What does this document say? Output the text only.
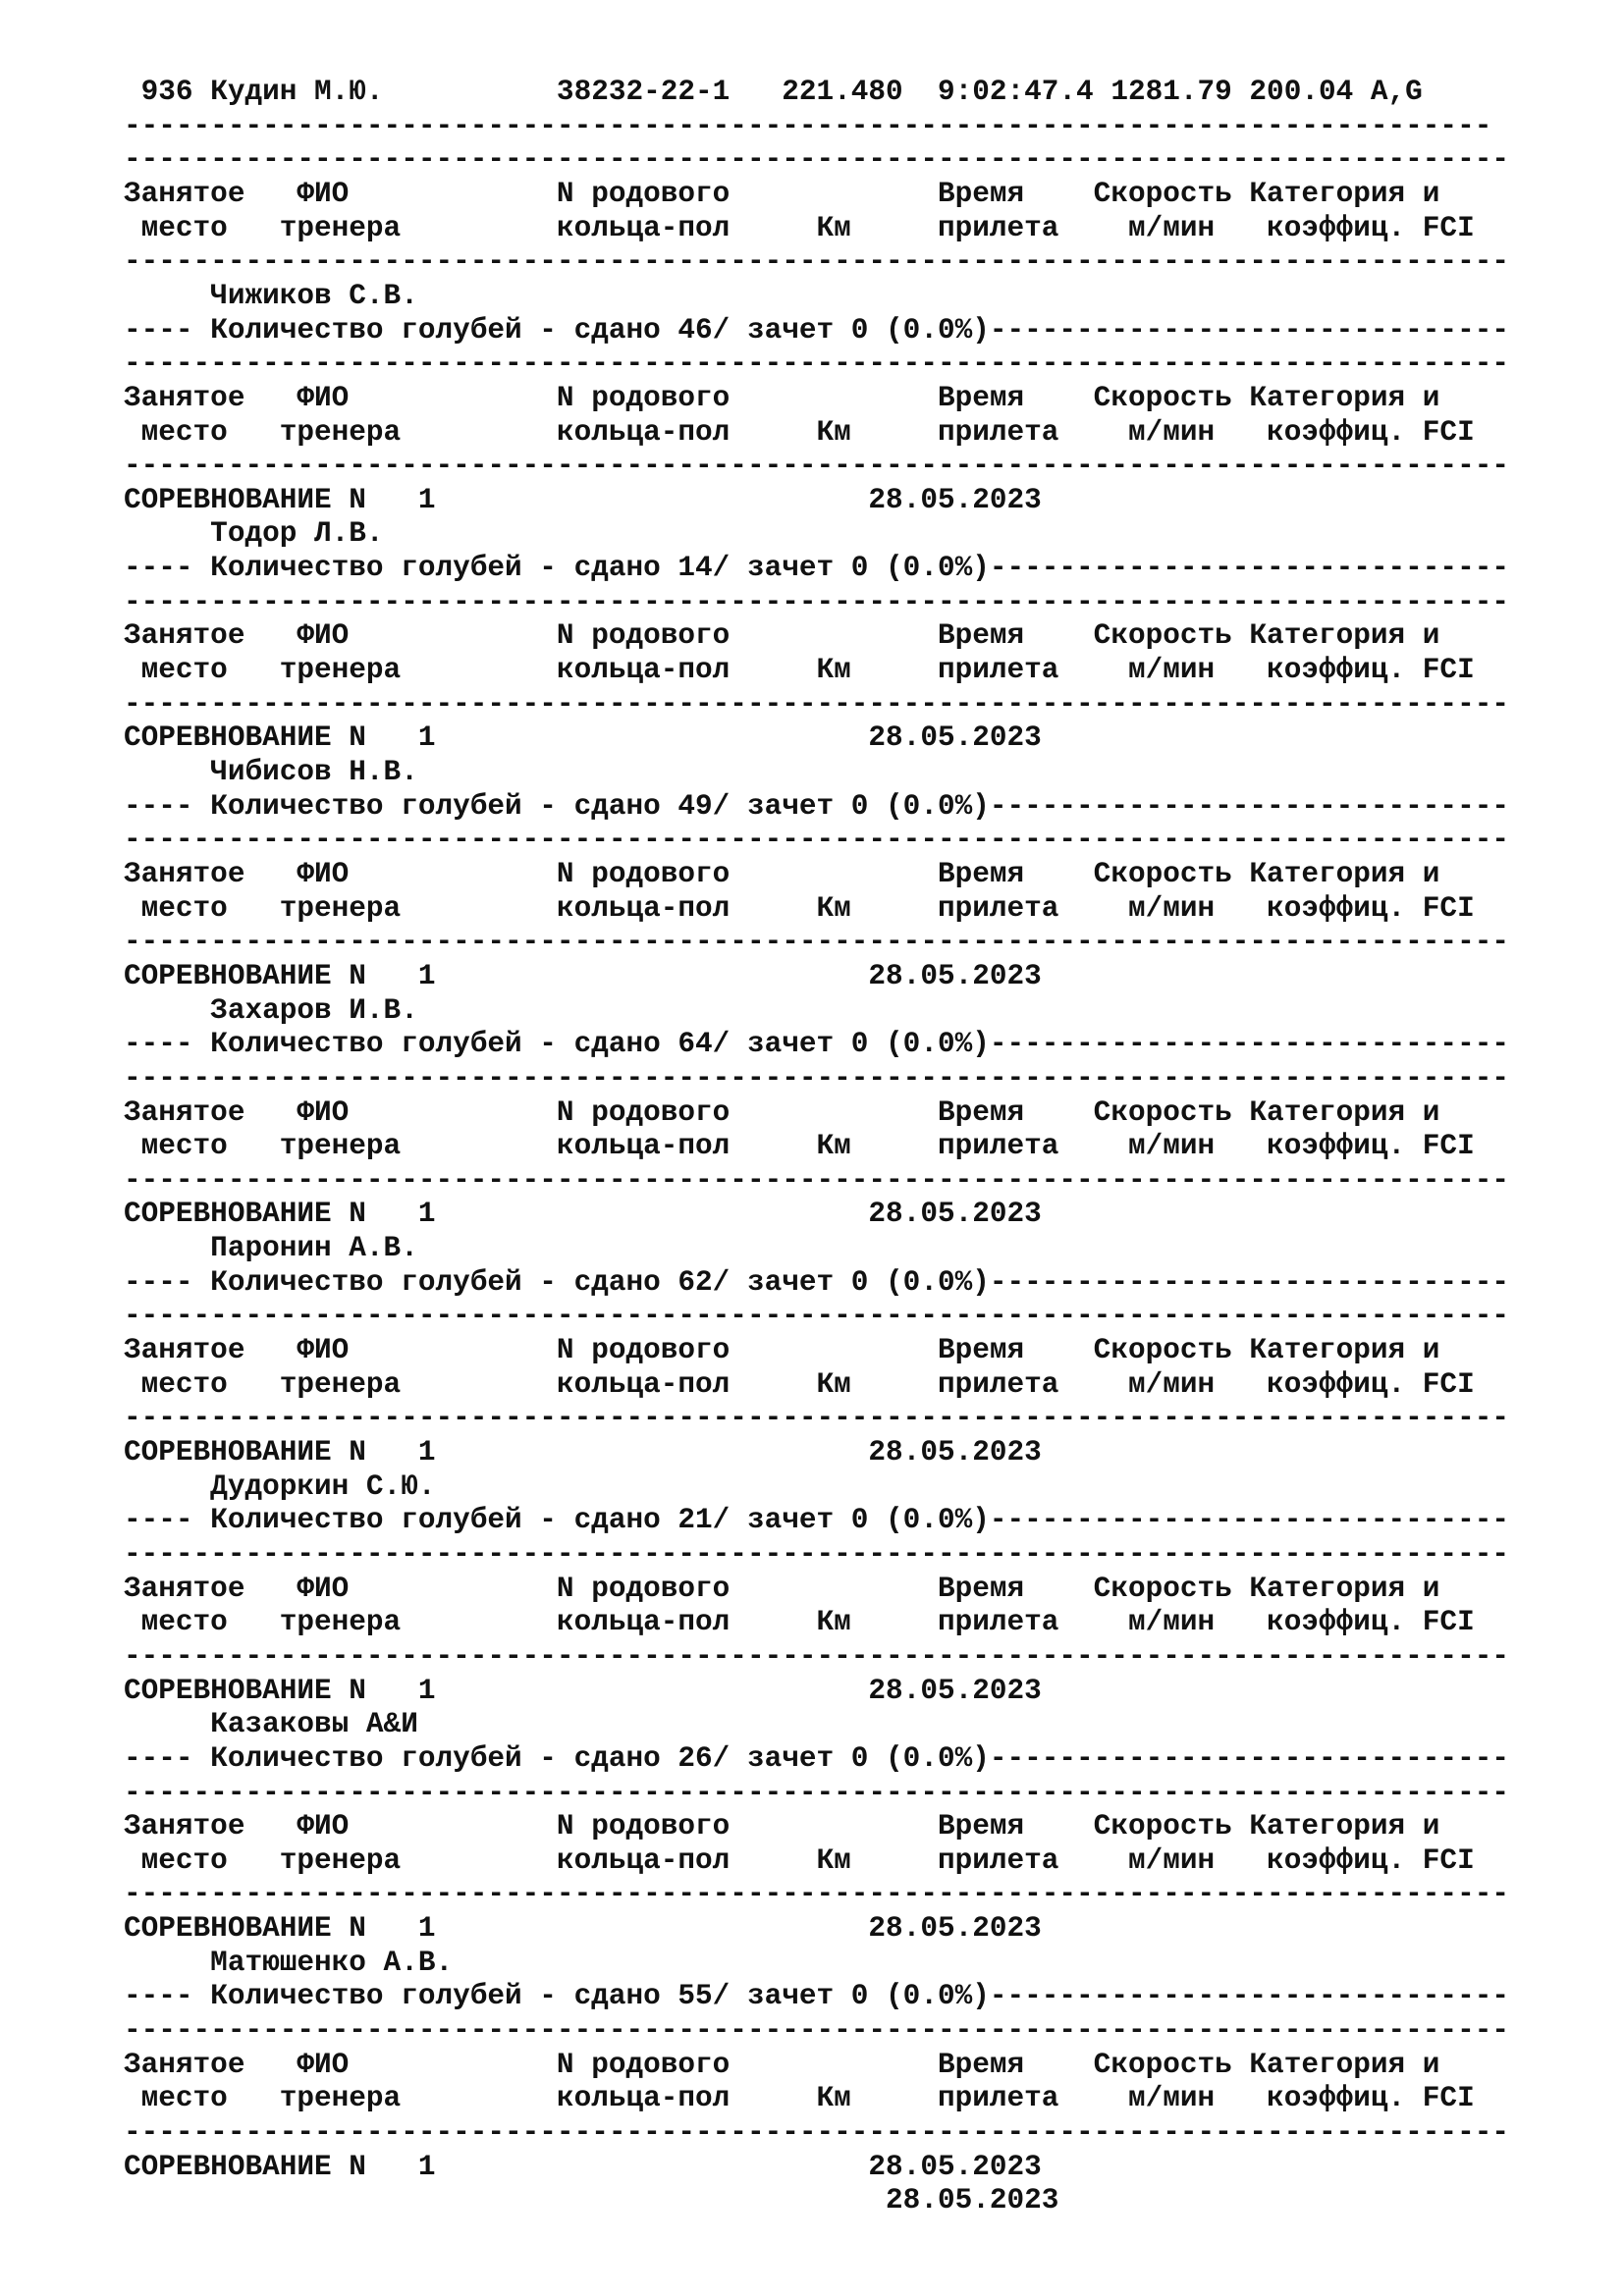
936 Кудин М.Ю.          38232-22-1   221.480  9:02:47.4 1281.79 200.04 A,G
-------------------------------------------------------------------------------
--------------------------------------------------------------------------------
Занятое   ФИО            N родового            Время    Скорость Категория и
место   тренера         кольца-пол     Км     прилета    м/мин   коэффиц. FCI
--------------------------------------------------------------------------------
Чижиков С.В.
---- Количество голубей - сдано 46/ зачет 0 (0.0%)------------------------------
--------------------------------------------------------------------------------
Занятое   ФИО            N родового            Время    Скорость Категория и
место   тренера         кольца-пол     Км     прилета    м/мин   коэффиц. FCI
--------------------------------------------------------------------------------
СОРЕВНОВАНИЕ N   1                         28.05.2023
Тодор Л.В.
---- Количество голубей - сдано 14/ зачет 0 (0.0%)------------------------------
--------------------------------------------------------------------------------
Занятое   ФИО            N родового            Время    Скорость Категория и
место   тренера         кольца-пол     Км     прилета    м/мин   коэффиц. FCI
--------------------------------------------------------------------------------
СОРЕВНОВАНИЕ N   1                         28.05.2023
Чибисов Н.В.
---- Количество голубей - сдано 49/ зачет 0 (0.0%)------------------------------
--------------------------------------------------------------------------------
Занятое   ФИО            N родового            Время    Скорость Категория и
место   тренера         кольца-пол     Км     прилета    м/мин   коэффиц. FCI
--------------------------------------------------------------------------------
СОРЕВНОВАНИЕ N   1                         28.05.2023
Захаров И.В.
---- Количество голубей - сдано 64/ зачет 0 (0.0%)------------------------------
--------------------------------------------------------------------------------
Занятое   ФИО            N родового            Время    Скорость Категория и
место   тренера         кольца-пол     Км     прилета    м/мин   коэффиц. FCI
--------------------------------------------------------------------------------
СОРЕВНОВАНИЕ N   1                         28.05.2023
Паронин А.В.
---- Количество голубей - сдано 62/ зачет 0 (0.0%)------------------------------
--------------------------------------------------------------------------------
Занятое   ФИО            N родового            Время    Скорость Категория и
место   тренера         кольца-пол     Км     прилета    м/мин   коэффиц. FCI
--------------------------------------------------------------------------------
СОРЕВНОВАНИЕ N   1                         28.05.2023
Дудоркин С.Ю.
---- Количество голубей - сдано 21/ зачет 0 (0.0%)------------------------------
--------------------------------------------------------------------------------
Занятое   ФИО            N родового            Время    Скорость Категория и
место   тренера         кольца-пол     Км     прилета    м/мин   коэффиц. FCI
--------------------------------------------------------------------------------
СОРЕВНОВАНИЕ N   1                         28.05.2023
Казаковы А&И
---- Количество голубей - сдано 26/ зачет 0 (0.0%)------------------------------
--------------------------------------------------------------------------------
Занятое   ФИО            N родового            Время    Скорость Категория и
место   тренера         кольца-пол     Км     прилета    м/мин   коэффиц. FCI
--------------------------------------------------------------------------------
СОРЕВНОВАНИЕ N   1                         28.05.2023
Матюшенко А.В.
---- Количество голубей - сдано 55/ зачет 0 (0.0%)------------------------------
--------------------------------------------------------------------------------
Занятое   ФИО            N родового            Время    Скорость Категория и
место   тренера         кольца-пол     Км     прилета    м/мин   коэффиц. FCI
--------------------------------------------------------------------------------
СОРЕВНОВАНИЕ N   1                         28.05.2023
28.05.2023
